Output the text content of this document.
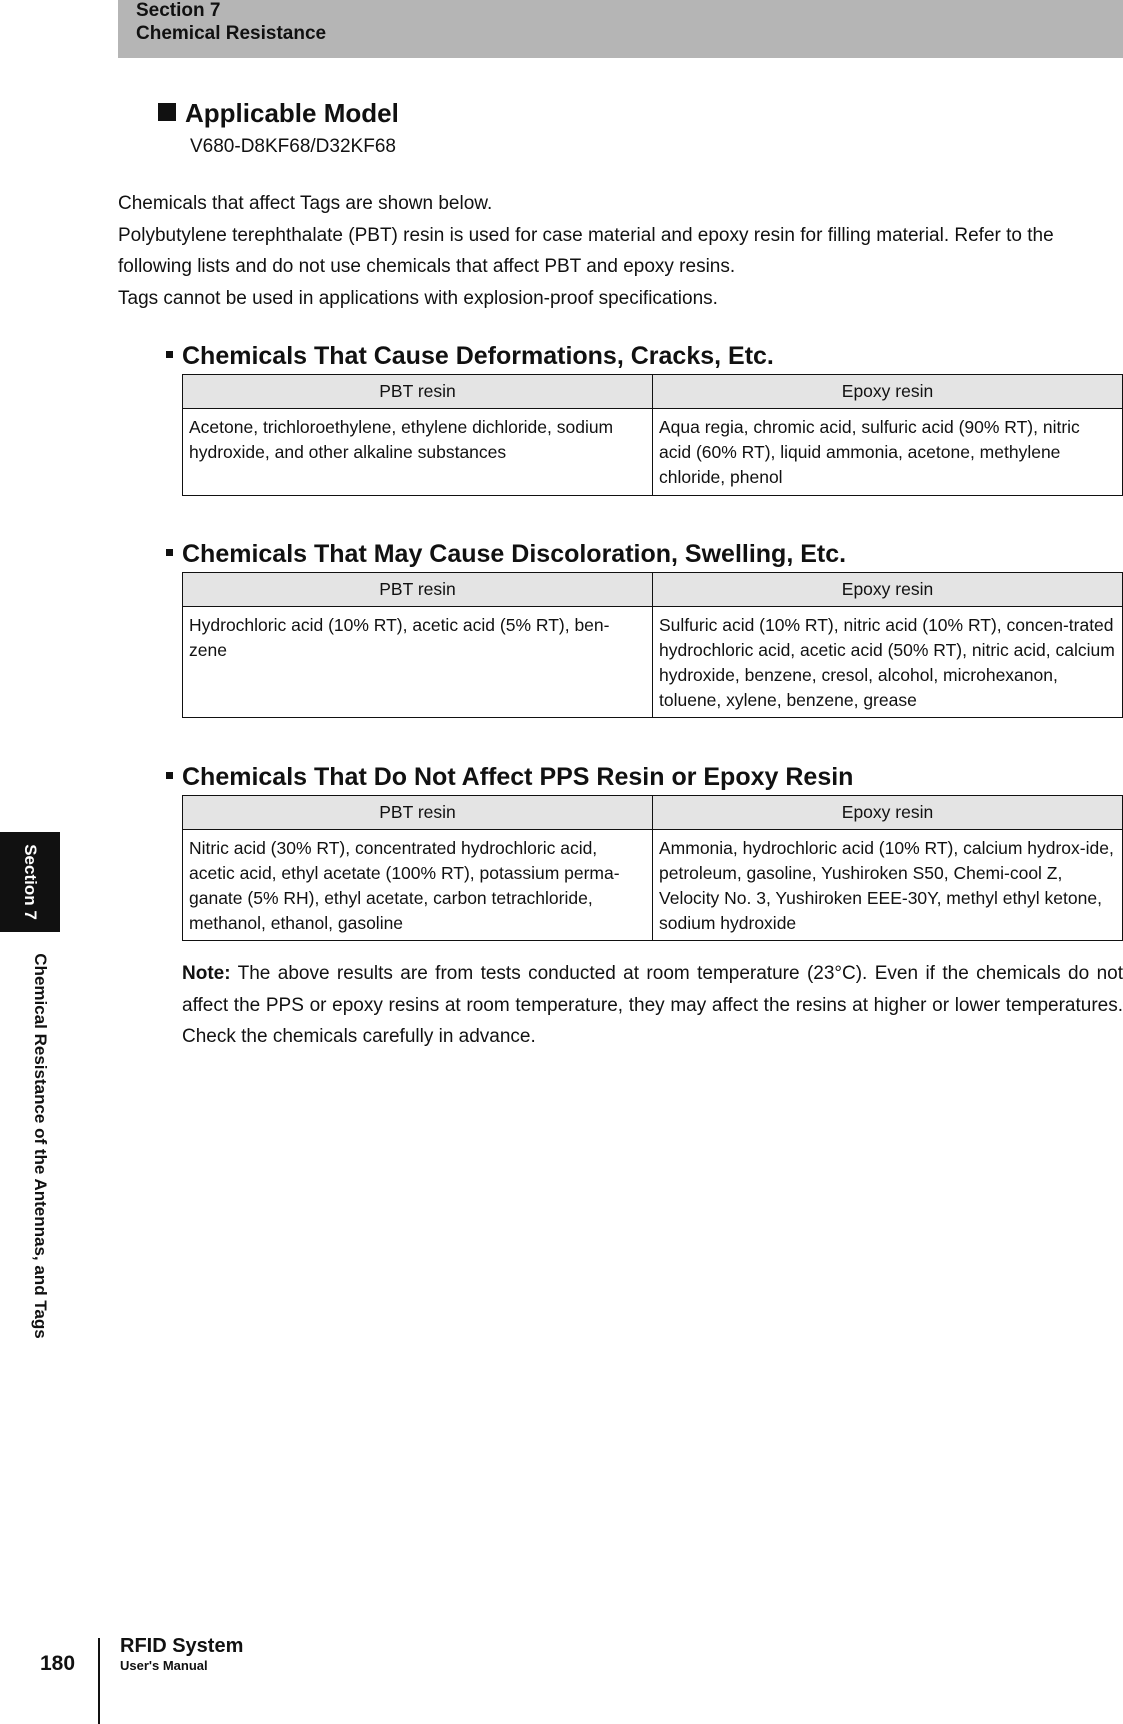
Section 7
Chemical Resistance
Section 7
Chemical Resistance of the Antennas, and Tags
Applicable Model
V680-D8KF68/D32KF68

Chemicals that affect Tags are shown below.

Polybutylene terephthalate (PBT) resin is used for case material and epoxy resin for filling material. Refer to the following lists and do not use chemicals that affect PBT and epoxy resins.

Tags cannot be used in applications with explosion-proof specifications.

Chemicals That Cause Deformations, Cracks, Etc.
PBT resin	Epoxy resin
Acetone, trichloroethylene, ethylene dichloride, sodium hydroxide, and other alkaline substances	Aqua regia, chromic acid, sulfuric acid (90% RT), nitric acid (60% RT), liquid ammonia, acetone, methylene chloride, phenol
Chemicals That May Cause Discoloration, Swelling, Etc.
PBT resin	Epoxy resin
Hydrochloric acid (10% RT), acetic acid (5% RT), ben-zene	Sulfuric acid (10% RT), nitric acid (10% RT), concen-trated hydrochloric acid, acetic acid (50% RT), nitric acid, calcium hydroxide, benzene, cresol, alcohol, microhexanon, toluene, xylene, benzene, grease
Chemicals That Do Not Affect PPS Resin or Epoxy Resin
PBT resin	Epoxy resin
Nitric acid (30% RT), concentrated hydrochloric acid, acetic acid, ethyl acetate (100% RT), potassium perma-ganate (5% RH), ethyl acetate, carbon tetrachloride, methanol, ethanol, gasoline	Ammonia, hydrochloric acid (10% RT), calcium hydrox-ide, petroleum, gasoline, Yushiroken S50, Chemi-cool Z, Velocity No. 3, Yushiroken EEE-30Y, methyl ethyl ketone, sodium hydroxide
Note: The above results are from tests conducted at room temperature (23°C). Even if the chemicals do not affect the PPS or epoxy resins at room temperature, they may affect the resins at higher or lower temperatures. Check the chemicals carefully in advance.
180
RFID System
User's Manual
